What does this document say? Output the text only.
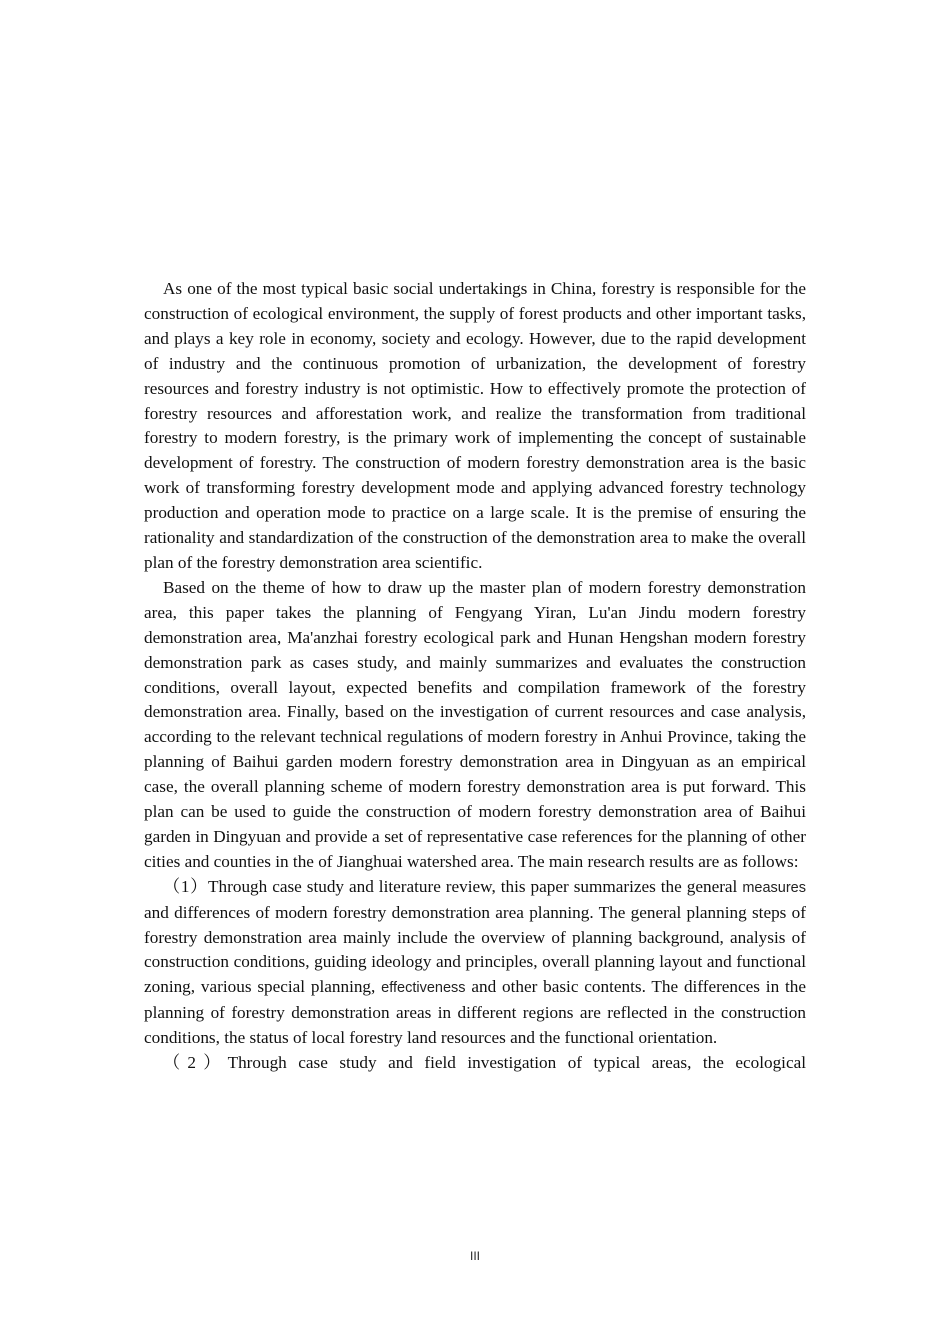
As one of the most typical basic social undertakings in China, forestry is responsible for the construction of ecological environment, the supply of forest products and other important tasks, and plays a key role in economy, society and ecology. However, due to the rapid development of industry and the continuous promotion of urbanization, the development of forestry resources and forestry industry is not optimistic. How to effectively promote the protection of forestry resources and afforestation work, and realize the transformation from traditional forestry to modern forestry, is the primary work of implementing the concept of sustainable development of forestry. The construction of modern forestry demonstration area is the basic work of transforming forestry development mode and applying advanced forestry technology production and operation mode to practice on a large scale. It is the premise of ensuring the rationality and standardization of the construction of the demonstration area to make the overall plan of the forestry demonstration area scientific.

Based on the theme of how to draw up the master plan of modern forestry demonstration area, this paper takes the planning of Fengyang Yiran, Lu'an Jindu modern forestry demonstration area, Ma'anzhai forestry ecological park and Hunan Hengshan modern forestry demonstration park as cases study, and mainly summarizes and evaluates the construction conditions, overall layout, expected benefits and compilation framework of the forestry demonstration area. Finally, based on the investigation of current resources and case analysis, according to the relevant technical regulations of modern forestry in Anhui Province, taking the planning of Baihui garden modern forestry demonstration area in Dingyuan as an empirical case, the overall planning scheme of modern forestry demonstration area is put forward. This plan can be used to guide the construction of modern forestry demonstration area of Baihui garden in Dingyuan and provide a set of representative case references for the planning of other cities and counties in the of Jianghuai watershed area. The main research results are as follows:

（1）Through case study and literature review, this paper summarizes the general measures and differences of modern forestry demonstration area planning. The general planning steps of forestry demonstration area mainly include the overview of planning background, analysis of construction conditions, guiding ideology and principles, overall planning layout and functional zoning, various special planning, effectiveness and other basic contents. The differences in the planning of forestry demonstration areas in different regions are reflected in the construction conditions, the status of local forestry land resources and the functional orientation.

（2）Through case study and field investigation of typical areas, the ecological

III
